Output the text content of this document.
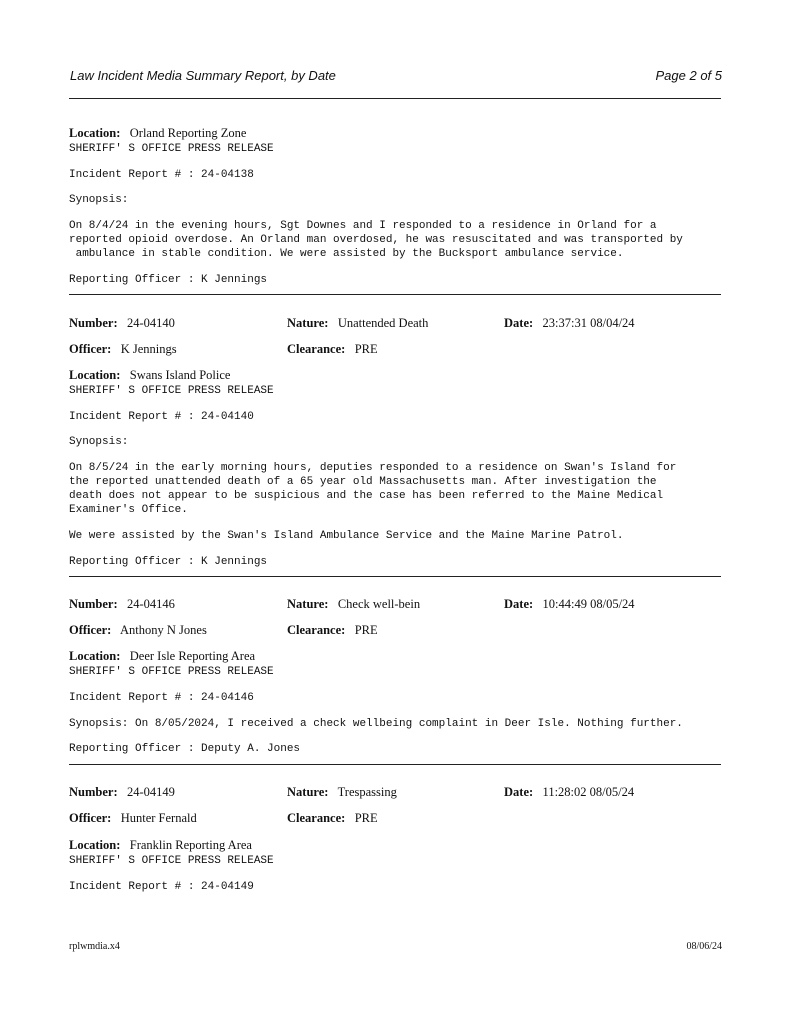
Law Incident Media Summary Report, by Date	Page 2 of 5
Location: Orland Reporting Zone
SHERIFF' S OFFICE PRESS RELEASE
Incident Report # : 24-04138
Synopsis:
On 8/4/24 in the evening hours, Sgt Downes and I responded to a residence in Orland for a
reported opioid overdose. An Orland man overdosed, he was resuscitated and was transported by
ambulance in stable condition. We were assisted by the Bucksport ambulance service.
Reporting Officer : K Jennings
Number: 24-04140	Nature: Unattended Death	Date: 23:37:31 08/04/24
Officer: K Jennings	Clearance: PRE
Location: Swans Island Police
SHERIFF' S OFFICE PRESS RELEASE
Incident Report # : 24-04140
Synopsis:
On 8/5/24 in the early morning hours, deputies responded to a residence on Swan's Island for
the reported unattended death of a 65 year old Massachusetts man. After investigation the
death does not appear to be suspicious and the case has been referred to the Maine Medical
Examiner's Office.
We were assisted by the Swan's Island Ambulance Service and the Maine Marine Patrol.
Reporting Officer : K Jennings
Number: 24-04146	Nature: Check well-bein	Date: 10:44:49 08/05/24
Officer: Anthony N Jones	Clearance: PRE
Location: Deer Isle Reporting Area
SHERIFF' S OFFICE PRESS RELEASE
Incident Report # : 24-04146
Synopsis: On 8/05/2024, I received a check wellbeing complaint in Deer Isle. Nothing further.
Reporting Officer : Deputy A. Jones
Number: 24-04149	Nature: Trespassing	Date: 11:28:02 08/05/24
Officer: Hunter Fernald	Clearance: PRE
Location: Franklin Reporting Area
SHERIFF' S OFFICE PRESS RELEASE
Incident Report # : 24-04149
rplwmdia.x4	08/06/24
